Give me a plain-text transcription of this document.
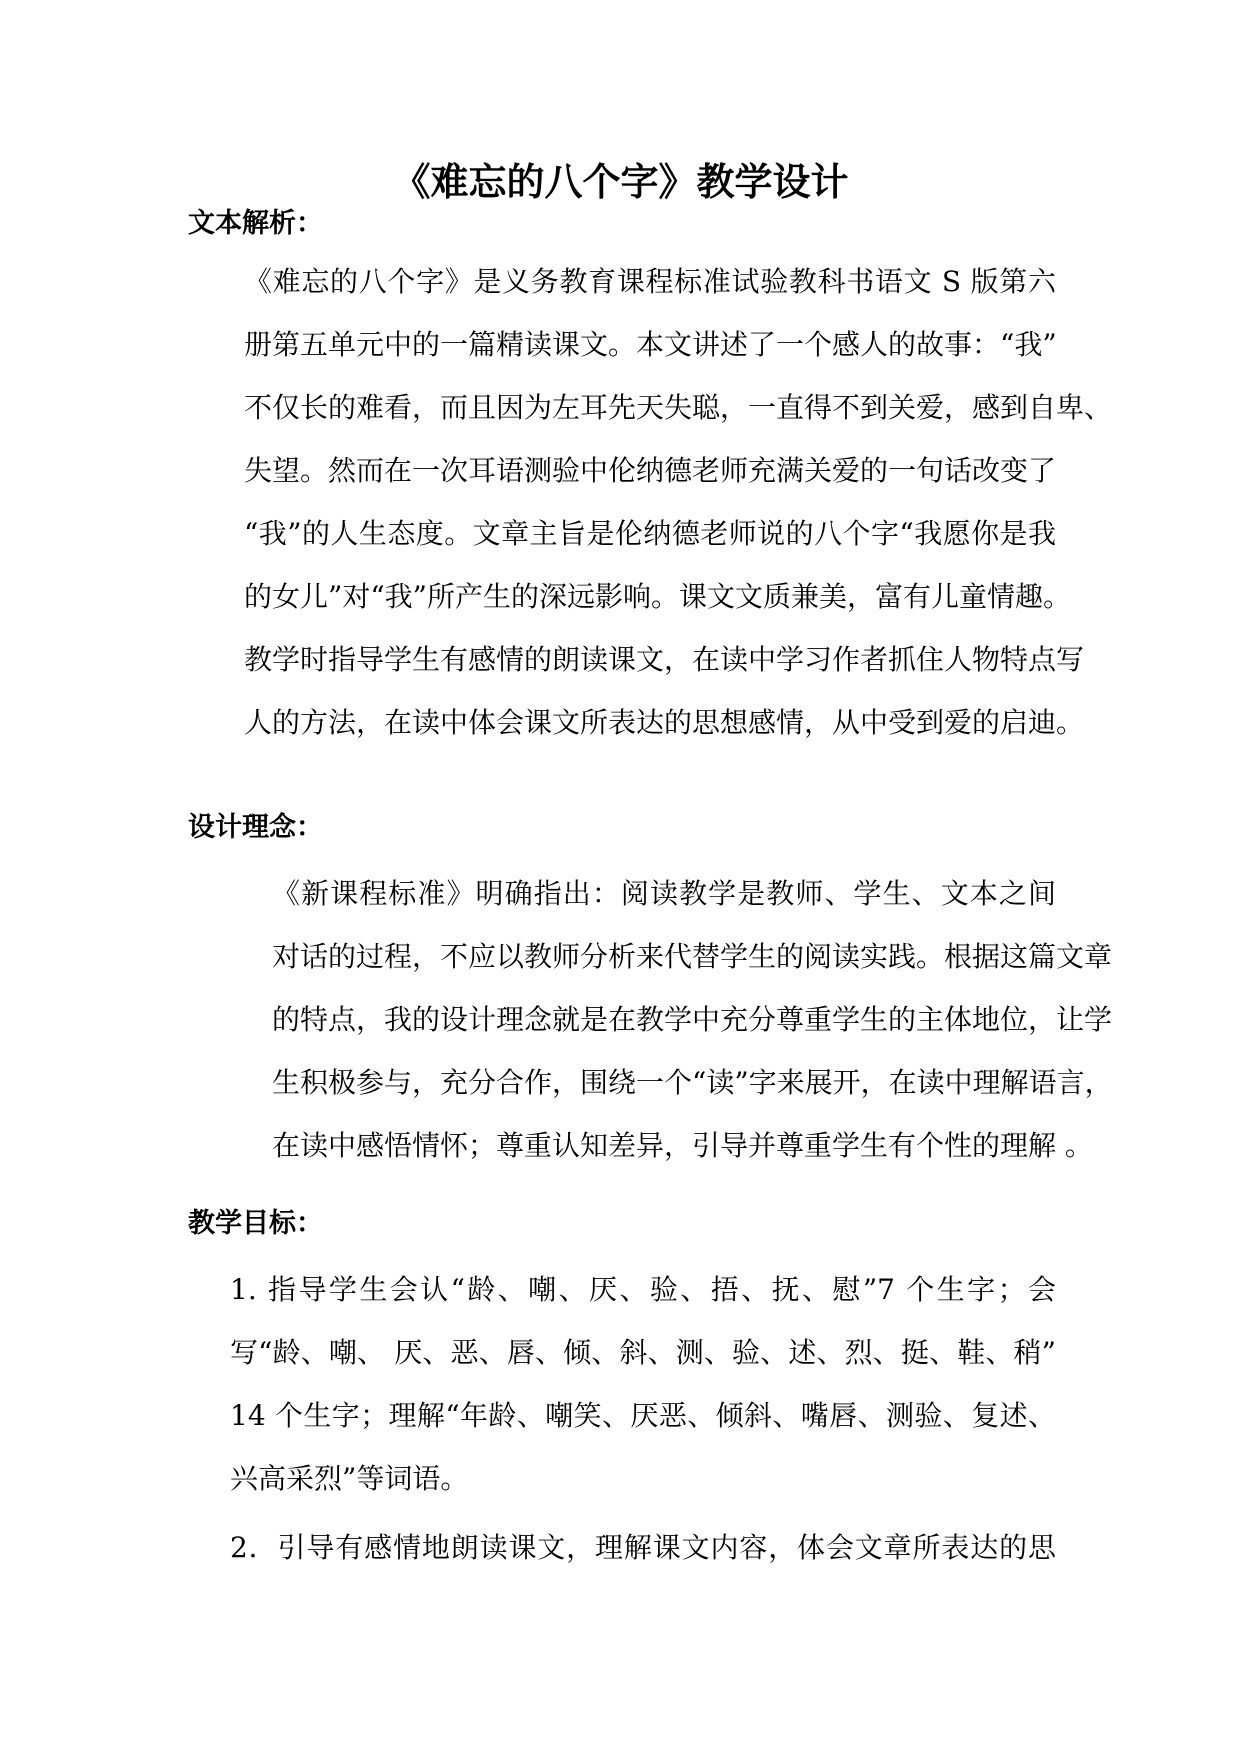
《难忘的八个字》教学设计
文本解析：
《难忘的八个字》是义务教育课程标准试验教科书语文 S 版第六
册第五单元中的一篇精读课文。本文讲述了一个感人的故事：“我”
不仅长的难看，而且因为左耳先天失聪，一直得不到关爱，感到自卑、
失望。然而在一次耳语测验中伦纳德老师充满关爱的一句话改变了
“我”的人生态度。文章主旨是伦纳德老师说的八个字“我愿你是我
的女儿”对“我”所产生的深远影响。课文文质兼美，富有儿童情趣。
教学时指导学生有感情的朗读课文，在读中学习作者抓住人物特点写
人的方法，在读中体会课文所表达的思想感情，从中受到爱的启迪。
设计理念：
《新课程标准》明确指出：阅读教学是教师、学生、文本之间
对话的过程，不应以教师分析来代替学生的阅读实践。根据这篇文章
的特点，我的设计理念就是在教学中充分尊重学生的主体地位，让学
生积极参与，充分合作，围绕一个“读”字来展开，在读中理解语言，
在读中感悟情怀；尊重认知差异，引导并尊重学生有个性的理解 。
教学目标：
1. 指导学生会认“龄、嘲、厌、验、捂、抚、慰”7 个生字；会
写“龄、嘲、 厌、恶、唇、倾、斜、测、验、述、烈、挺、鞋、稍”
14 个生字；理解“年龄、嘲笑、厌恶、倾斜、嘴唇、测验、复述、
兴高采烈”等词语。
2．引导有感情地朗读课文，理解课文内容，体会文章所表达的思
